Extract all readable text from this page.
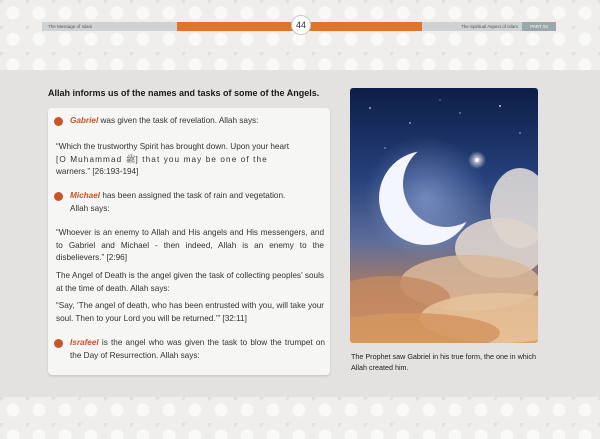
The Message of Islam	The Spiritual Aspect of Islam	PART 03
44
Allah informs us of the names and tasks of some of the Angels.

Gabriel was given the task of revelation. Allah says:

“Which the trustworthy Spirit has brought down. Upon your heart

[O Muhammad ﷺ] that you may be one of the

warners.” [26:193-194]

Michael has been assigned the task of rain and vegetation.

Allah says:

“Whoever is an enemy to Allah and His angels and His messengers, and to Gabriel and Michael - then indeed, Allah is an enemy to the disbelievers.” [2:96]

The Angel of Death is the angel given the task of collecting peoples’ souls at the time of death. Allah says:

“Say, ‘The angel of death, who has been entrusted with you, will take your soul. Then to your Lord you will be returned.’” [32:11]

Israfeel is the angel who was given the task to blow the trumpet on the Day of Resurrection. Allah says:	The Prophet saw Gabriel in his true form, the one in which Allah created him.
